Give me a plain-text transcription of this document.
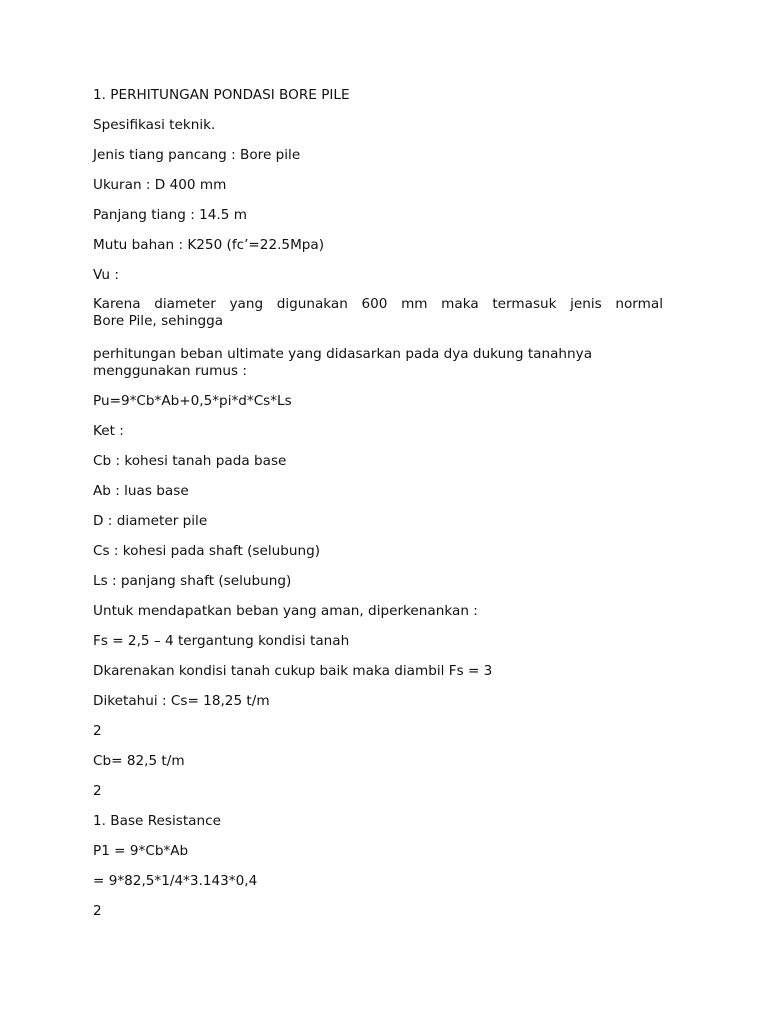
1. PERHITUNGAN PONDASI BORE PILE
Spesifikasi teknik.
Jenis tiang pancang : Bore pile
Ukuran : D 400 mm
Panjang tiang : 14.5 m
Mutu bahan : K250 (fc’=22.5Mpa)
Vu :
Karena diameter yang digunakan 600 mm maka termasuk jenis normal
Bore Pile, sehingga
perhitungan beban ultimate yang didasarkan pada dya dukung tanahnya
menggunakan rumus :
Pu=9*Cb*Ab+0,5*pi*d*Cs*Ls
Ket :
Cb : kohesi tanah pada base
Ab : luas base
D : diameter pile
Cs : kohesi pada shaft (selubung)
Ls : panjang shaft (selubung)
Untuk mendapatkan beban yang aman, diperkenankan :
Fs = 2,5 – 4 tergantung kondisi tanah
Dkarenakan kondisi tanah cukup baik maka diambil Fs = 3
Diketahui : Cs= 18,25 t/m
2
Cb= 82,5 t/m
2
1. Base Resistance
P1 = 9*Cb*Ab
= 9*82,5*1/4*3.143*0,4
2
